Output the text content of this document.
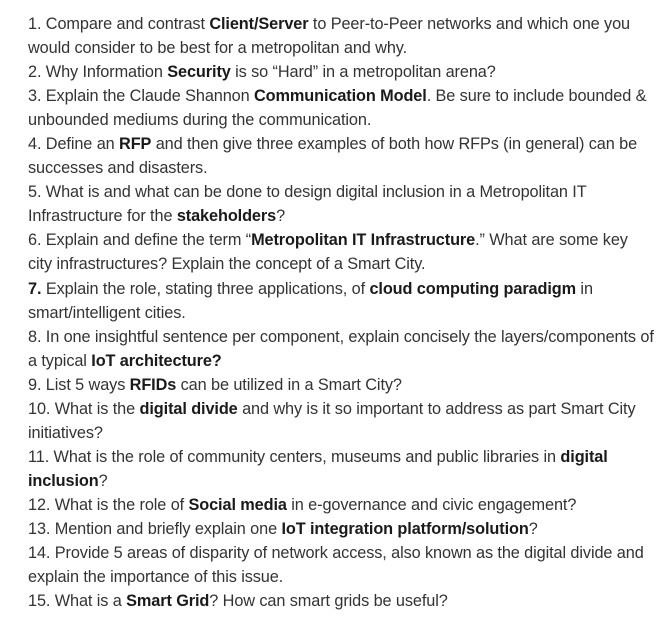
1. Compare and contrast Client/Server to Peer-to-Peer networks and which one you would consider to be best for a metropolitan and why.

2. Why Information Security is so “Hard” in a metropolitan arena?

3. Explain the Claude Shannon Communication Model. Be sure to include bounded & unbounded mediums during the communication.

4. Define an RFP and then give three examples of both how RFPs (in general) can be successes and disasters.

5. What is and what can be done to design digital inclusion in a Metropolitan IT Infrastructure for the stakeholders?

6. Explain and define the term “Metropolitan IT Infrastructure.” What are some key city infrastructures? Explain the concept of a Smart City.

7. Explain the role, stating three applications, of cloud computing paradigm in smart/intelligent cities.

8. In one insightful sentence per component, explain concisely the layers/components of a typical IoT architecture?

9. List 5 ways RFIDs can be utilized in a Smart City?

10. What is the digital divide and why is it so important to address as part Smart City initiatives?

11. What is the role of community centers, museums and public libraries in digital inclusion?

12. What is the role of Social media in e-governance and civic engagement?

13. Mention and briefly explain one IoT integration platform/solution?

14. Provide 5 areas of disparity of network access, also known as the digital divide and explain the importance of this issue.

15. What is a Smart Grid? How can smart grids be useful?
